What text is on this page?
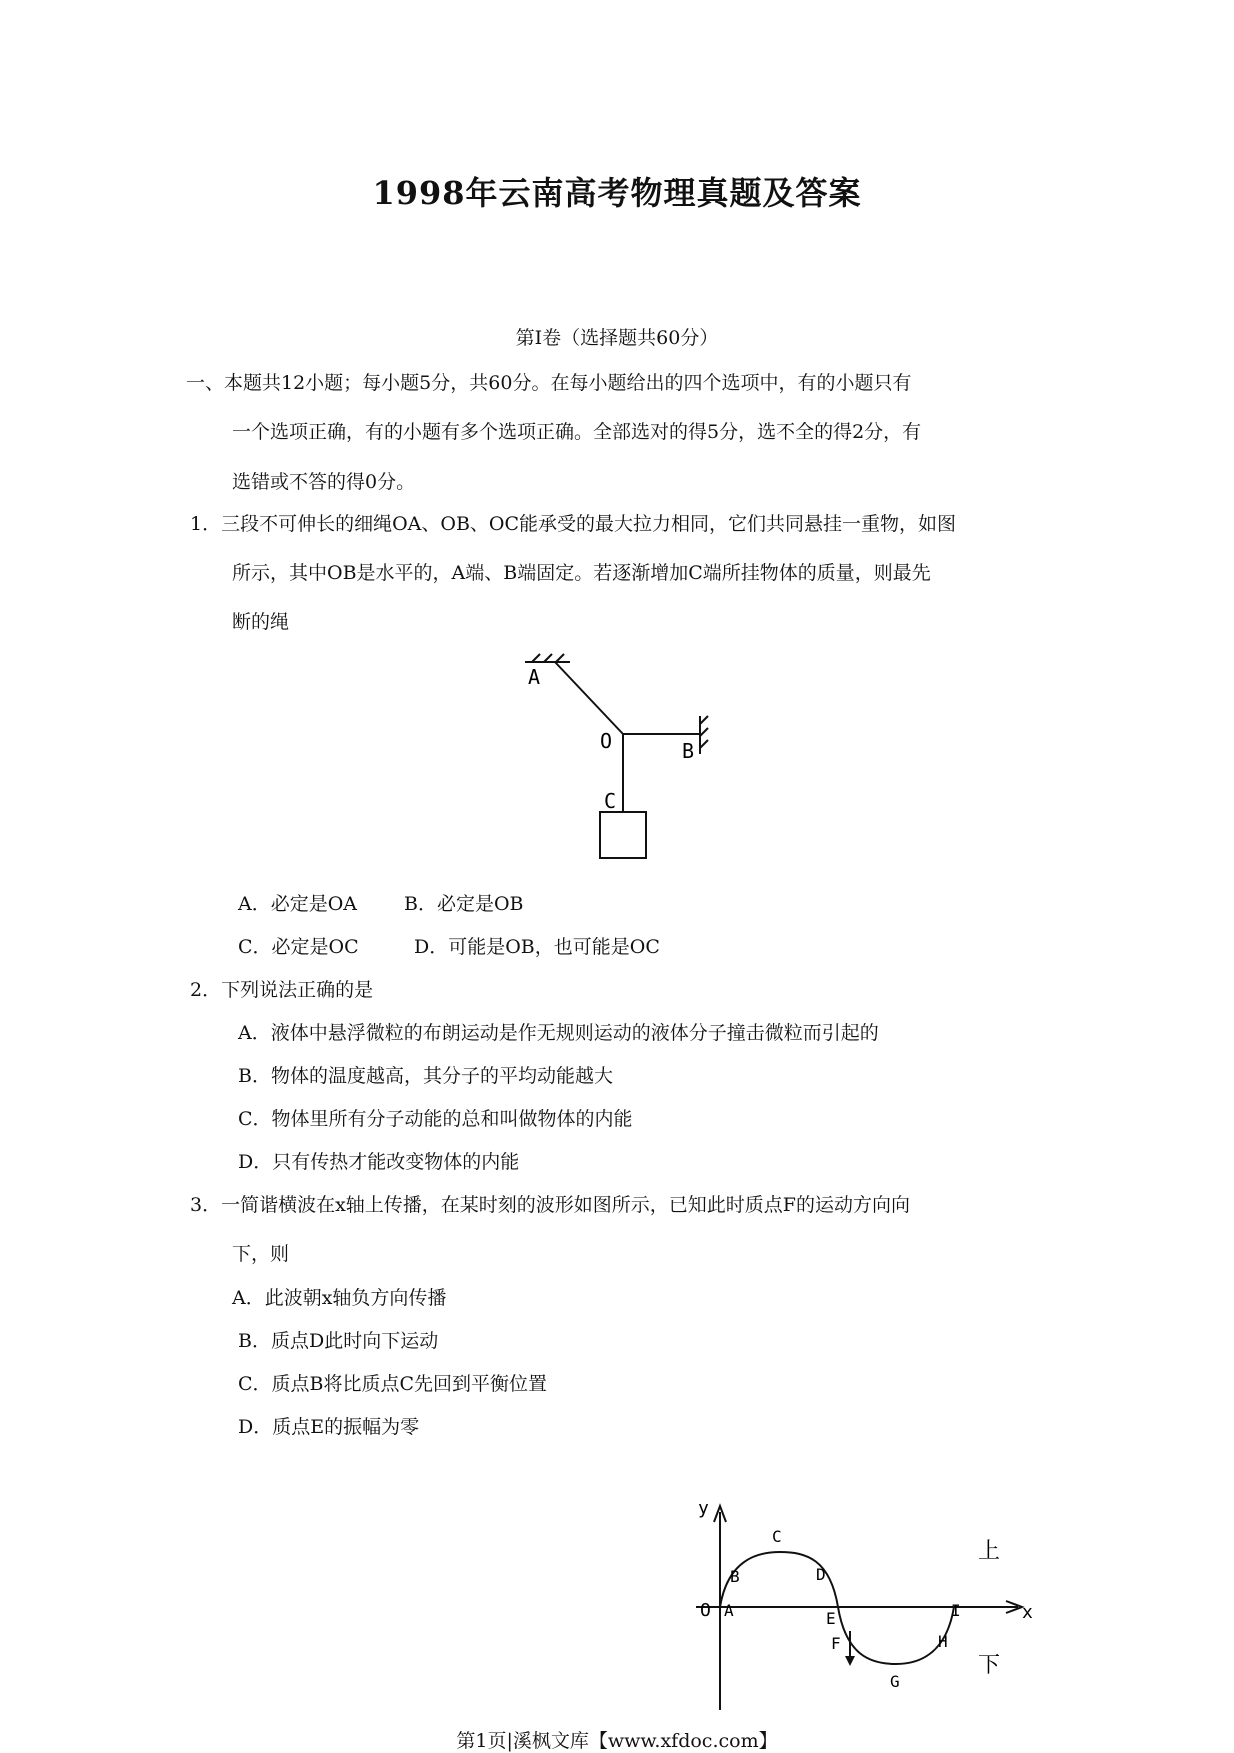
1998年云南高考物理真题及答案
第Ⅰ卷（选择题共60分）
一、本题共12小题；每小题5分，共60分。在每小题给出的四个选项中，有的小题只有
一个选项正确，有的小题有多个选项正确。全部选对的得5分，选不全的得2分，有
选错或不答的得0分。
1．三段不可伸长的细绳OA、OB、OC能承受的最大拉力相同，它们共同悬挂一重物，如图
所示，其中OB是水平的，A端、B端固定。若逐渐增加C端所挂物体的质量，则最先
断的绳
A
O	B
C
A．必定是OA B．必定是OB
C．必定是OC	D．可能是OB，也可能是OC
2．下列说法正确的是
A．液体中悬浮微粒的布朗运动是作无规则运动的液体分子撞击微粒而引起的
B．物体的温度越高，其分子的平均动能越大
C．物体里所有分子动能的总和叫做物体的内能
D．只有传热才能改变物体的内能
3．一简谐横波在x轴上传播，在某时刻的波形如图所示，已知此时质点F的运动方向向
下，则
A．此波朝x轴负方向传播
B．质点D此时向下运动
C．质点B将比质点C先回到平衡位置
D．质点E的振幅为零
y
x
O A
B
C
D
E
F
G
H
I
上
下
第1页|溪枫文库【www.xfdoc.com】
